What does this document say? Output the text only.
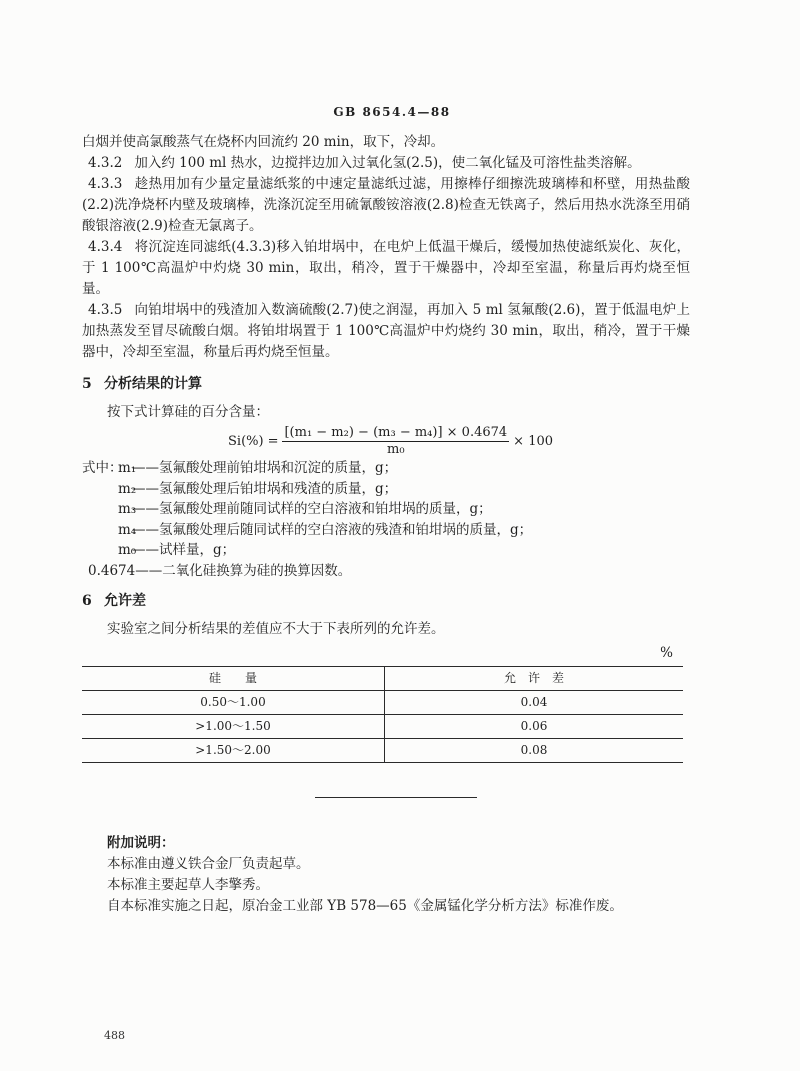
GB 8654.4—88

白烟并使高氯酸蒸气在烧杯内回流约 20 min，取下，冷却。

4.3.2 加入约 100 ml 热水，边搅拌边加入过氧化氢(2.5)，使二氧化锰及可溶性盐类溶解。

4.3.3 趁热用加有少量定量滤纸浆的中速定量滤纸过滤，用擦棒仔细擦洗玻璃棒和杯壁，用热盐酸(2.2)洗净烧杯内壁及玻璃棒，洗涤沉淀至用硫氰酸铵溶液(2.8)检查无铁离子，然后用热水洗涤至用硝酸银溶液(2.9)检查无氯离子。

4.3.4 将沉淀连同滤纸(4.3.3)移入铂坩埚中，在电炉上低温干燥后，缓慢加热使滤纸炭化、灰化，于 1 100℃高温炉中灼烧 30 min，取出，稍冷，置于干燥器中，冷却至室温，称量后再灼烧至恒量。

4.3.5 向铂坩埚中的残渣加入数滴硫酸(2.7)使之润湿，再加入 5 ml 氢氟酸(2.6)，置于低温电炉上加热蒸发至冒尽硫酸白烟。将铂坩埚置于 1 100℃高温炉中灼烧约 30 min，取出，稍冷，置于干燥器中，冷却至室温，称量后再灼烧至恒量。

5 分析结果的计算

按下式计算硅的百分含量：

$Si(\%) = \frac{\text{[(m₁ − m₂) − (m₃ − m₄)] × 0.4674}}{\text{m₀}} \times 100$
式中：m₁——氢氟酸处理前铂坩埚和沉淀的质量，g；
m₂——氢氟酸处理后铂坩埚和残渣的质量，g；
m₃——氢氟酸处理前随同试样的空白溶液和铂坩埚的质量，g；
m₄——氢氟酸处理后随同试样的空白溶液的残渣和铂坩埚的质量，g；
m₀——试样量，g；
0.4674——二氧化硅换算为硅的换算因数。
6 允许差

实验室之间分析结果的差值应不大于下表所列的允许差。

%
硅　　量	允　许　差
0.50～1.00	0.04
>1.00～1.50	0.06
>1.50～2.00	0.08

附加说明：

本标准由遵义铁合金厂负责起草。

本标准主要起草人李擎秀。

自本标准实施之日起，原冶金工业部 YB 578—65《金属锰化学分析方法》标准作废。

488
